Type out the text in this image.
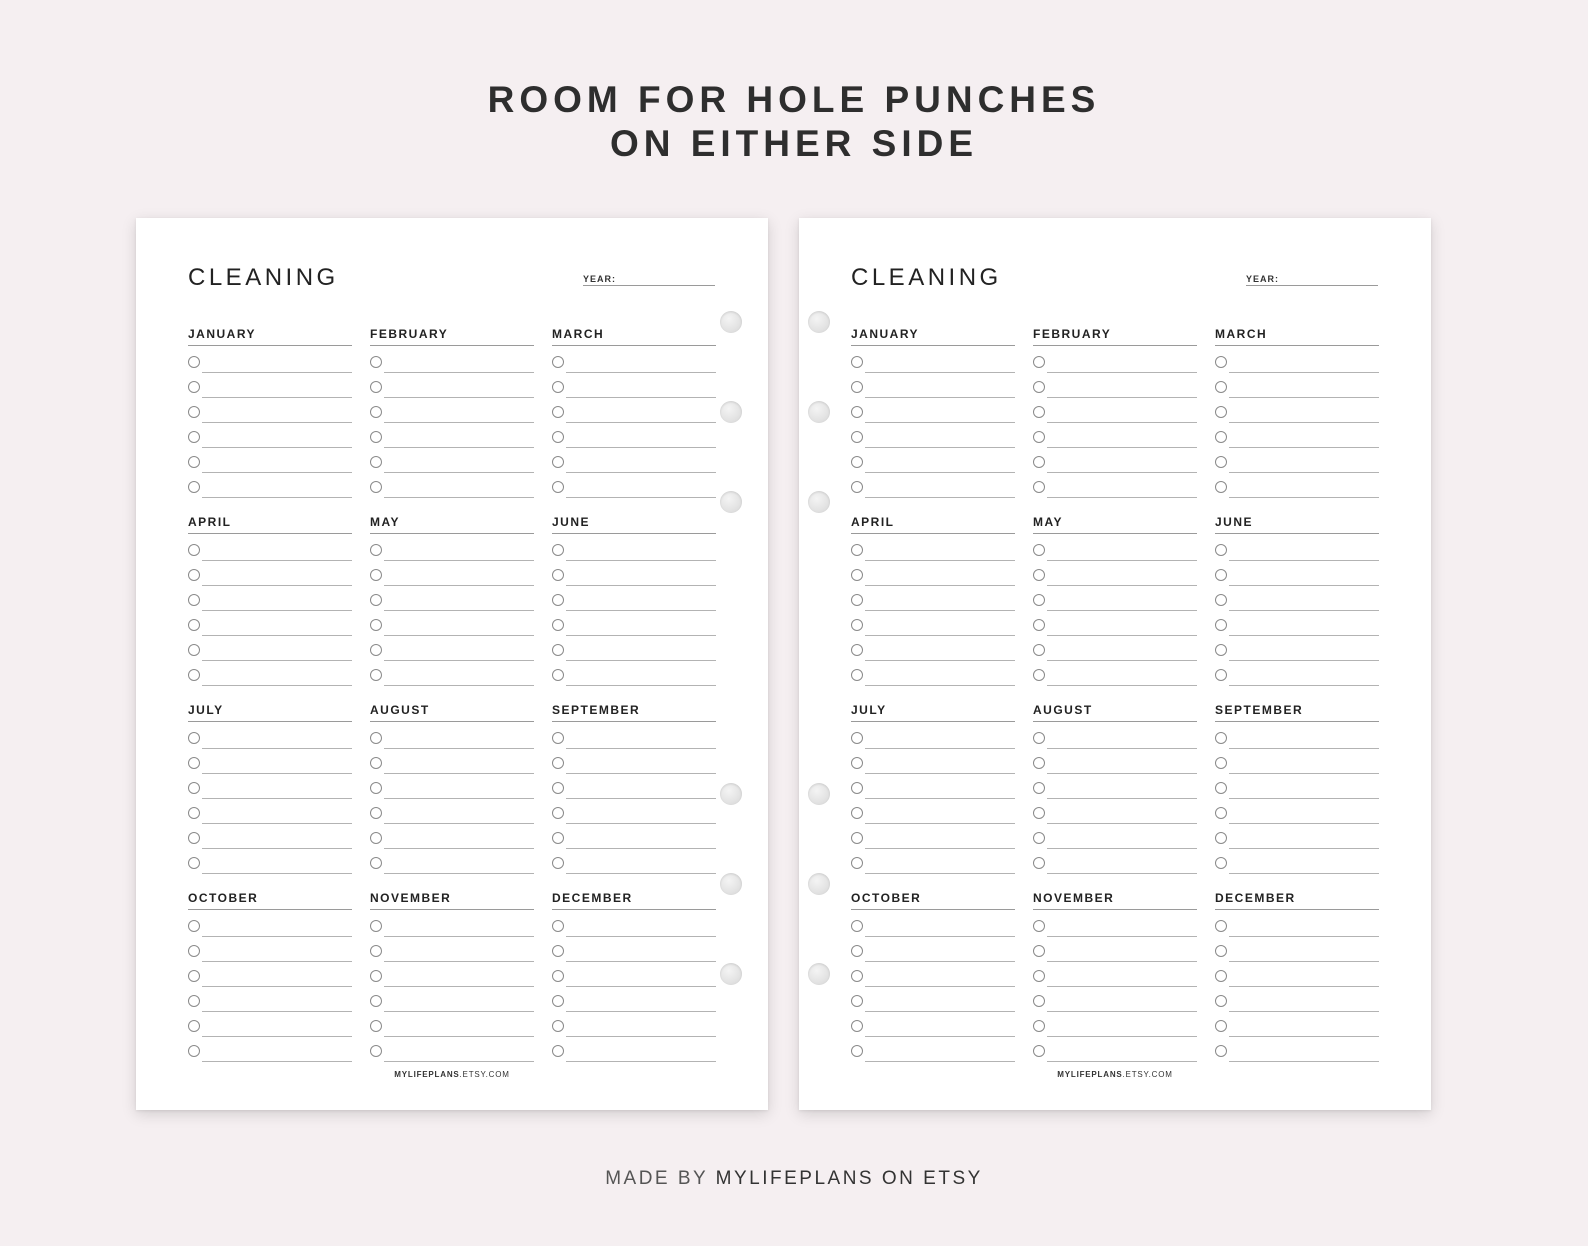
ROOM FOR HOLE PUNCHES
ON EITHER SIDE
CLEANING	YEAR:
JANUARY	FEBRUARY	MARCH
APRIL	MAY	JUNE
JULY	AUGUST	SEPTEMBER
OCTOBER	NOVEMBER	DECEMBER
MYLIFEPLANS.ETSY.COM
CLEANING	YEAR:
JANUARY	FEBRUARY	MARCH
APRIL	MAY	JUNE
JULY	AUGUST	SEPTEMBER
OCTOBER	NOVEMBER	DECEMBER
MYLIFEPLANS.ETSY.COM
MADE BY MYLIFEPLANS ON ETSY
